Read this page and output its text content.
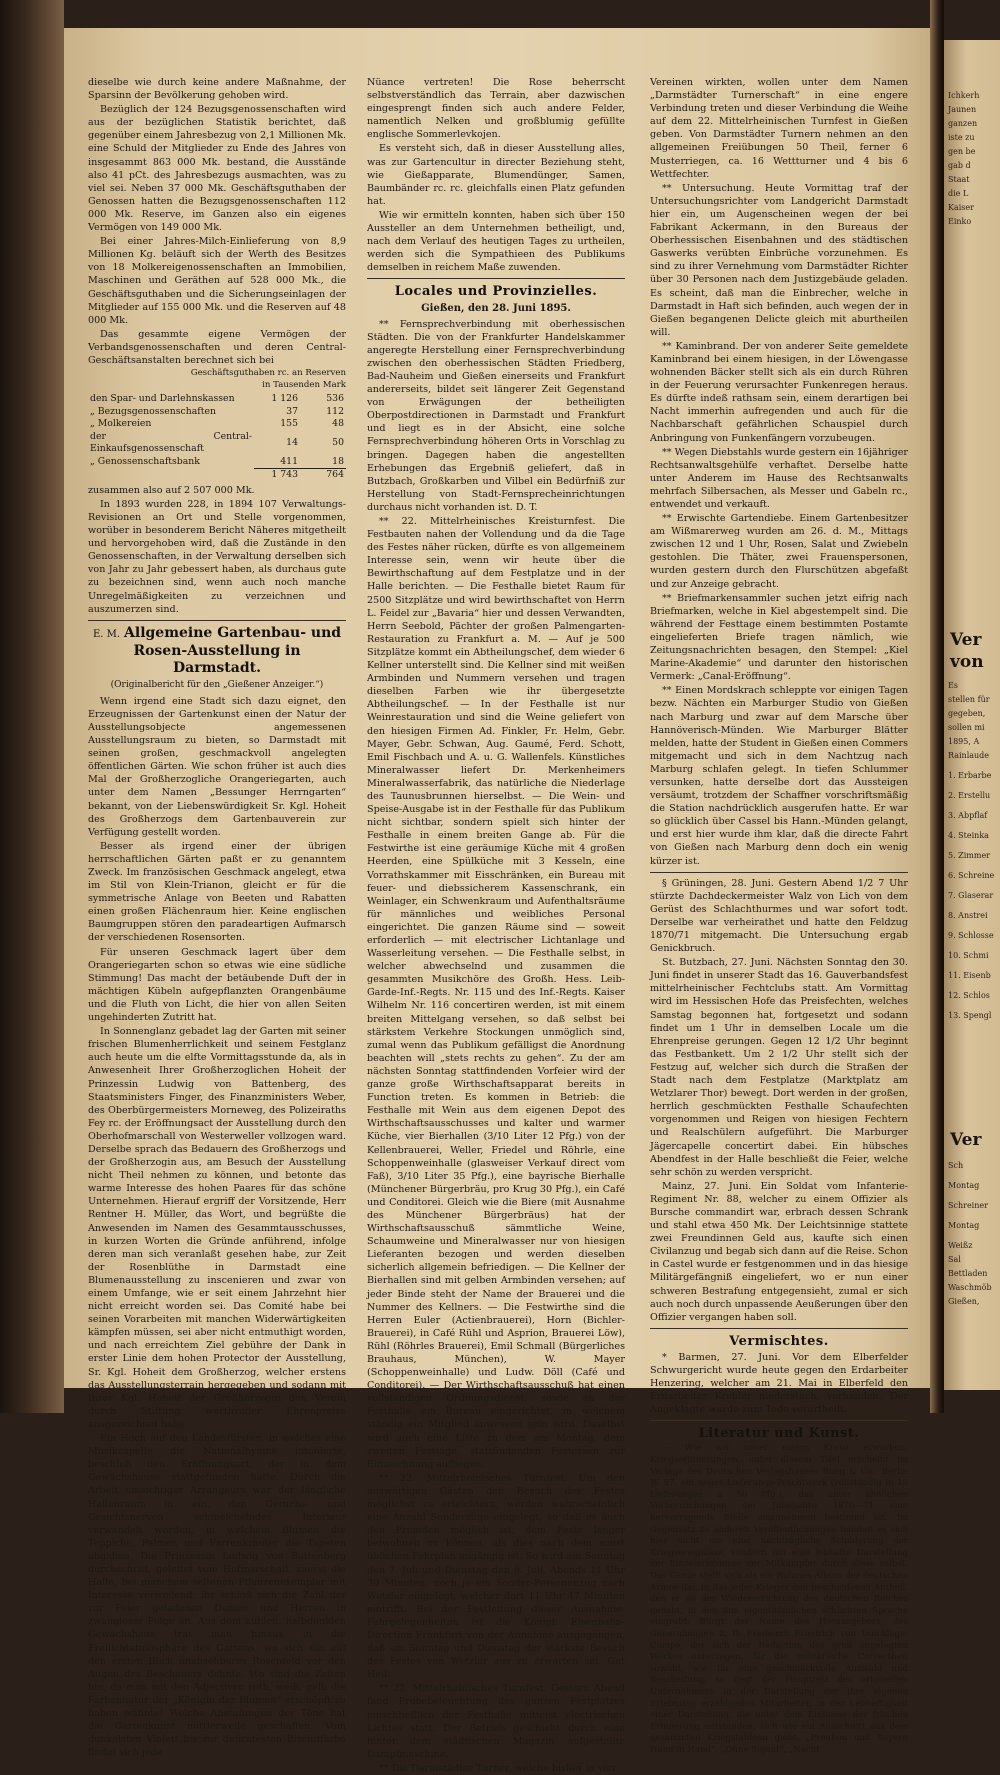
dieselbe wie durch keine andere Maßnahme, der Sparsinn der Bevölkerung gehoben wird.

Bezüglich der 124 Bezugsgenossenschaften wird aus der bezüglichen Statistik berichtet, daß gegenüber einem Jahresbezug von 2,1 Millionen Mk. eine Schuld der Mitglieder zu Ende des Jahres von insgesammt 863 000 Mk. bestand, die Ausstände also 41 pCt. des Jahresbezugs ausmachten, was zu viel sei. Neben 37 000 Mk. Geschäftsguthaben der Genossen hatten die Bezugsgenossenschaften 112 000 Mk. Reserve, im Ganzen also ein eigenes Vermögen von 149 000 Mk.

Bei einer Jahres-Milch-Einlieferung von 8,9 Millionen Kg. beläuft sich der Werth des Besitzes von 18 Molkereigenossenschaften an Immobilien, Maschinen und Geräthen auf 528 000 Mk., die Geschäftsguthaben und die Sicherungseinlagen der Mitglieder auf 155 000 Mk. und die Reserven auf 48 000 Mk.

Das gesammte eigene Vermögen der Verbandsgenossenschaften und deren Central-Geschäftsanstalten berechnet sich bei

Geschäftsguthaben rc. an Reserven
in Tausenden Mark
den Spar- und Darlehnskassen	1 126	536
„ Bezugsgenossenschaften	37	112
„ Molkereien	155	48
der Central-Einkaufsgenossenschaft	14	50
„ Genossenschaftsbank	411	18
	1 743	764

zusammen also auf 2 507 000 Mk.

In 1893 wurden 228, in 1894 107 Verwaltungs-Revisionen an Ort und Stelle vorgenommen, worüber in besonderem Bericht Näheres mitgetheilt und hervorgehoben wird, daß die Zustände in den Genossenschaften, in der Verwaltung derselben sich von Jahr zu Jahr gebessert haben, als durchaus gute zu bezeichnen sind, wenn auch noch manche Unregelmäßigkeiten zu verzeichnen und auszumerzen sind.

E. M. Allgemeine Gartenbau- und Rosen-Ausstellung in Darmstadt.
(Originalbericht für den „Gießener Anzeiger.“)

Wenn irgend eine Stadt sich dazu eignet, den Erzeugnissen der Gartenkunst einen der Natur der Ausstellungsobjecte angemessenen Ausstellungsraum zu bieten, so Darmstadt mit seinen großen, geschmackvoll angelegten öffentlichen Gärten. Wie schon früher ist auch dies Mal der Großherzogliche Orangeriegarten, auch unter dem Namen „Bessunger Herrngarten“ bekannt, von der Liebenswürdigkeit Sr. Kgl. Hoheit des Großherzogs dem Gartenbauverein zur Verfügung gestellt worden.

Besser als irgend einer der übrigen herrschaftlichen Gärten paßt er zu genanntem Zweck. Im französischen Geschmack angelegt, etwa im Stil von Klein-Trianon, gleicht er für die symmetrische Anlage von Beeten und Rabatten einen großen Flächenraum hier. Keine englischen Baumgruppen stören den paradeartigen Aufmarsch der verschiedenen Rosensorten.

Für unseren Geschmack lagert über dem Orangeriegarten schon so etwas wie eine südliche Stimmung! Das macht der betäubende Duft der in mächtigen Kübeln aufgepflanzten Orangenbäume und die Fluth von Licht, die hier von allen Seiten ungehinderten Zutritt hat.

In Sonnenglanz gebadet lag der Garten mit seiner frischen Blumenherrlichkeit und seinem Festglanz auch heute um die elfte Vormittagsstunde da, als in Anwesenheit Ihrer Großherzoglichen Hoheit der Prinzessin Ludwig von Battenberg, des Staatsministers Finger, des Finanzministers Weber, des Oberbürgermeisters Morneweg, des Polizeiraths Fey rc. der Eröffnungsact der Ausstellung durch den Oberhofmarschall von Westerweller vollzogen ward. Derselbe sprach das Bedauern des Großherzogs und der Großherzogin aus, am Besuch der Ausstellung nicht Theil nehmen zu können, und betonte das warme Interesse des hohen Paares für das schöne Unternehmen. Hierauf ergriff der Vorsitzende, Herr Rentner H. Müller, das Wort, und begrüßte die Anwesenden im Namen des Gesammtausschusses, in kurzen Worten die Gründe anführend, infolge deren man sich veranlaßt gesehen habe, zur Zeit der Rosenblüthe in Darmstadt eine Blumenausstellung zu inscenieren und zwar von einem Umfange, wie er seit einem Jahrzehnt hier nicht erreicht worden sei. Das Comité habe bei seinen Vorarbeiten mit manchen Widerwärtigkeiten kämpfen müssen, sei aber nicht entmuthigt worden, und nach erreichtem Ziel gebühre der Dank in erster Linie dem hohen Protector der Ausstellung, Sr. Kgl. Hoheit dem Großherzog, welcher erstens das Ausstellungsterrain hergegeben und sodann mit Ihrer Kgl. Hoheit der Großherzogin den Verein durch Stiftung werthvoller Ehrenpreise ausgezeichnet habe.

Ein Hoch auf den Landesfürsten, in welches eine Musikcapelle die Nationalhymne intonierte, beschloß den Eröffnungsact, der in dem Gewächshause stattgefunden hatte. Durch die Arbeit umsichtiger Arrangeurs war der längliche Hallenraum in ein, den Geruchs- und Gesichtsnerven schmeichelndes Interieur verwandelt worden, in welchem Blumen die Teppiche, Palmen und Farrenkräuter die Tapeten abgaben. Die Prinzessin Ludwig von Battenberg durchschritt, geleitet vom Hofmarschall, zuerst die Halle, bei manchem seltenen Pflanzenexemplar mit Interesse verweilend; ihr schloß sich die Zahl der zur Feier geladenen Damen und Herren in zwangloser Folge an. Aus dem kühlen, halbdunklen Gewächshaus trat man hinaus in die Freilichtatmosphäre des Gartens, wo sich ein auf den ersten Blick unabsehbares Rosenfeld vor den Augen des Beschauers dehnte. Wo sind die Zeiten hin, da man mit den Adjectiven roth, weiß, gelb die Farbennatur der „Königin der Blumen“ erschöpft zu haben wähnte! Welche Abstufungen der Töne hat die Gartenkunst mittlerweile geschaffen. Vom dunkelsten Violett bis zur delicatesten Biscuitfarbe findet sich jede

Nüance vertreten! Die Rose beherrscht selbstverständlich das Terrain, aber dazwischen eingesprengt finden sich auch andere Felder, namentlich Nelken und großblumig gefüllte englische Sommerlevkojen.

Es versteht sich, daß in dieser Ausstellung alles, was zur Gartencultur in directer Beziehung steht, wie Gießapparate, Blumendünger, Samen, Baumbänder rc. rc. gleichfalls einen Platz gefunden hat.

Wie wir ermitteln konnten, haben sich über 150 Aussteller an dem Unternehmen betheiligt, und, nach dem Verlauf des heutigen Tages zu urtheilen, werden sich die Sympathieen des Publikums demselben in reichem Maße zuwenden.

Locales und Provinzielles.
Gießen, den 28. Juni 1895.

** Fernsprechverbindung mit oberhessischen Städten. Die von der Frankfurter Handelskammer angeregte Herstellung einer Fernsprechverbindung zwischen den oberhessischen Städten Friedberg, Bad-Nauheim und Gießen einerseits und Frankfurt andererseits, bildet seit längerer Zeit Gegenstand von Erwägungen der betheiligten Oberpostdirectionen in Darmstadt und Frankfurt und liegt es in der Absicht, eine solche Fernsprechverbindung höheren Orts in Vorschlag zu bringen. Dagegen haben die angestellten Erhebungen das Ergebniß geliefert, daß in Butzbach, Großkarben und Vilbel ein Bedürfniß zur Herstellung von Stadt-Fernsprecheinrichtungen durchaus nicht vorhanden ist. D. T.

** 22. Mittelrheinisches Kreisturnfest. Die Festbauten nahen der Vollendung und da die Tage des Festes näher rücken, dürfte es von allgemeinem Interesse sein, wenn wir heute über die Bewirthschaftung auf dem Festplatze und in der Halle berichten. — Die Festhalle bietet Raum für 2500 Sitzplätze und wird bewirthschaftet von Herrn L. Feidel zur „Bavaria“ hier und dessen Verwandten, Herrn Seebold, Pächter der großen Palmengarten-Restauration zu Frankfurt a. M. — Auf je 500 Sitzplätze kommt ein Abtheilungschef, dem wieder 6 Kellner unterstellt sind. Die Kellner sind mit weißen Armbinden und Nummern versehen und tragen dieselben Farben wie ihr übergesetzte Abtheilungschef. — In der Festhalle ist nur Weinrestauration und sind die Weine geliefert von den hiesigen Firmen Ad. Finkler, Fr. Helm, Gebr. Mayer, Gebr. Schwan, Aug. Gaumé, Ferd. Schott, Emil Fischbach und A. u. G. Wallenfels. Künstliches Mineralwasser liefert Dr. Merkenheimers Mineralwasserfabrik, das natürliche die Niederlage des Taunusbrunnen hierselbst. — Die Wein- und Speise-Ausgabe ist in der Festhalle für das Publikum nicht sichtbar, sondern spielt sich hinter der Festhalle in einem breiten Gange ab. Für die Festwirthe ist eine geräumige Küche mit 4 großen Heerden, eine Spülküche mit 3 Kesseln, eine Vorrathskammer mit Eisschränken, ein Bureau mit feuer- und diebssicherem Kassenschrank, ein Weinlager, ein Schwenkraum und Aufenthaltsräume für männliches und weibliches Personal eingerichtet. Die ganzen Räume sind — soweit erforderlich — mit electrischer Lichtanlage und Wasserleitung versehen. — Die Festhalle selbst, in welcher abwechselnd und zusammen die gesammten Musikchöre des Großh. Hess. Leib-Garde-Inf.-Regts. Nr. 115 und des Inf.-Regts. Kaiser Wilhelm Nr. 116 concertiren werden, ist mit einem breiten Mittelgang versehen, so daß selbst bei stärkstem Verkehre Stockungen unmöglich sind, zumal wenn das Publikum gefälligst die Anordnung beachten will „stets rechts zu gehen“. Zu der am nächsten Sonntag stattfindenden Vorfeier wird der ganze große Wirthschaftsapparat bereits in Function treten. Es kommen in Betrieb: die Festhalle mit Wein aus dem eigenen Depot des Wirthschaftsausschusses und kalter und warmer Küche, vier Bierhallen (3/10 Liter 12 Pfg.) von der Kellenbrauerei, Weller, Friedel und Röhrle, eine Schoppenweinhalle (glasweiser Verkauf direct vom Faß), 3/10 Liter 35 Pfg.), eine bayrische Bierhalle (Münchener Bürgerbräu, pro Krug 30 Pfg.), ein Café und Conditorei. Gleich wie die Biere (mit Ausnahme des Münchener Bürgerbräus) hat der Wirthschaftsausschuß sämmtliche Weine, Schaumweine und Mineralwasser nur von hiesigen Lieferanten bezogen und werden dieselben sicherlich allgemein befriedigen. — Die Kellner der Bierhallen sind mit gelben Armbinden versehen; auf jeder Binde steht der Name der Brauerei und die Nummer des Kellners. — Die Festwirthe sind die Herren Euler (Actienbrauerei), Horn (Bichler-Brauerei), in Café Rühl und Asprion, Brauerei Löw), Rühl (Röhrles Brauerei), Emil Schmall (Bürgerliches Brauhaus, München), W. Mayer (Schoppenweinhalle) und Ludw. Döll (Café und Conditorei). — Der Wirthschaftsausschuß hat einen vollständigen Ordnungsdienst, sowie an der Festhalle ein Bureau eingerichtet, in welchem ständig ein Mitglied anwesend sein wird. Daselbst wird auch eine Liste zu dem am Montag, dem zweiten Festtage, stattfindenden Festessen zur Einzeichnung aufliegen.

** 22. Mittelrheinisches Turnfest. Um den auswärtigen Gästen den Besuch des Festes möglichst zu erleichtern, werden wahrscheinlich eine Anzahl Sonderzüge eingelegt, so daß es auch den Fremden möglich ist, dem Feste länger beiwohnen zu können, als dies nach dem sonst üblichen Fahrplan angängig ist. So wird am Sonntag den 7. Juli und Dienstag den 9. Juli, Abends 11 Uhr 30 Minuten, noch je ein Sonder-Personenzug nach Wetzlar eingelegt, welcher dort 11 Uhr 47 Minuten eintrifft. Bei der Festleitung dieser Ausnahme-Fahrgelegenheiten ist die Königl. Eisenbahn-Direction Frankfurt von der Annahme ausgegangen, daß am Sonntag und Dienstag der stärkste Besuch des Festes von Wetzlar aus zu erwarten sei. Gut Heil!

** 22. Mittelrheinisches Turnfest. Gestern Abend fand Probebeleuchtung des ganzen Festplatzes einschließlich der Festhalle mittelst electrischen Lichtes statt. Der Betrieb geschieht durch eine hinter dem städtischen Magazin aufgestellte Dampfmaschine.

** Die Darmstädter Turner, welche bisher in vier

Vereinen wirkten, wollen unter dem Namen „Darmstädter Turnerschaft“ in eine engere Verbindung treten und dieser Verbindung die Weihe auf dem 22. Mittelrheinischen Turnfest in Gießen geben. Von Darmstädter Turnern nehmen an den allgemeinen Freiübungen 50 Theil, ferner 6 Musterriegen, ca. 16 Wettturner und 4 bis 6 Wettfechter.

** Untersuchung. Heute Vormittag traf der Untersuchungsrichter vom Landgericht Darmstadt hier ein, um Augenscheinen wegen der bei Fabrikant Ackermann, in den Bureaus der Oberhessischen Eisenbahnen und des städtischen Gaswerks verübten Einbrüche vorzunehmen. Es sind zu ihrer Vernehmung vom Darmstädter Richter über 30 Personen nach dem Justizgebäude geladen. Es scheint, daß man die Einbrecher, welche in Darmstadt in Haft sich befinden, auch wegen der in Gießen begangenen Delicte gleich mit aburtheilen will.

** Kaminbrand. Der von anderer Seite gemeldete Kaminbrand bei einem hiesigen, in der Löwengasse wohnenden Bäcker stellt sich als ein durch Rühren in der Feuerung verursachter Funkenregen heraus. Es dürfte indeß rathsam sein, einem derartigen bei Nacht immerhin aufregenden und auch für die Nachbarschaft gefährlichen Schauspiel durch Anbringung von Funkenfängern vorzubeugen.

** Wegen Diebstahls wurde gestern ein 16jähriger Rechtsanwaltsgehülfe verhaftet. Derselbe hatte unter Anderem im Hause des Rechtsanwalts mehrfach Silbersachen, als Messer und Gabeln rc., entwendet und verkauft.

** Erwischte Gartendiebe. Einem Gartenbesitzer am Wißmarerweg wurden am 26. d. M., Mittags zwischen 12 und 1 Uhr, Rosen, Salat und Zwiebeln gestohlen. Die Thäter, zwei Frauenspersonen, wurden gestern durch den Flurschützen abgefaßt und zur Anzeige gebracht.

** Briefmarkensammler suchen jetzt eifrig nach Briefmarken, welche in Kiel abgestempelt sind. Die während der Festtage einem bestimmten Postamte eingelieferten Briefe tragen nämlich, wie Zeitungsnachrichten besagen, den Stempel: „Kiel Marine-Akademie“ und darunter den historischen Vermerk: „Canal-Eröffnung“.

** Einen Mordskrach schleppte vor einigen Tagen bezw. Nächten ein Marburger Studio von Gießen nach Marburg und zwar auf dem Marsche über Hannöverisch-Münden. Wie Marburger Blätter melden, hatte der Student in Gießen einen Commers mitgemacht und sich in dem Nachtzug nach Marburg schlafen gelegt. In tiefen Schlummer versunken, hatte derselbe dort das Aussteigen versäumt, trotzdem der Schaffner vorschriftsmäßig die Station nachdrücklich ausgerufen hatte. Er war so glücklich über Cassel bis Hann.-Münden gelangt, und erst hier wurde ihm klar, daß die directe Fahrt von Gießen nach Marburg denn doch ein wenig kürzer ist.

§ Grüningen, 28. Juni. Gestern Abend 1/2 7 Uhr stürzte Dachdeckermeister Walz von Lich von dem Gerüst des Schlachthurmes und war sofort todt. Derselbe war verheirathet und hatte den Feldzug 1870/71 mitgemacht. Die Untersuchung ergab Genickbruch.

St. Butzbach, 27. Juni. Nächsten Sonntag den 30. Juni findet in unserer Stadt das 16. Gauverbandsfest mittelrheinischer Fechtclubs statt. Am Vormittag wird im Hessischen Hofe das Preisfechten, welches Samstag begonnen hat, fortgesetzt und sodann findet um 1 Uhr in demselben Locale um die Ehrenpreise gerungen. Gegen 12 1/2 Uhr beginnt das Festbankett. Um 2 1/2 Uhr stellt sich der Festzug auf, welcher sich durch die Straßen der Stadt nach dem Festplatze (Marktplatz am Wetzlarer Thor) bewegt. Dort werden in der großen, herrlich geschmückten Festhalle Schaufechten vorgenommen und Reigen von hiesigen Fechtern und Realschülern aufgeführt. Die Marburger Jägercapelle concertirt dabei. Ein hübsches Abendfest in der Halle beschließt die Feier, welche sehr schön zu werden verspricht.

Mainz, 27. Juni. Ein Soldat vom Infanterie-Regiment Nr. 88, welcher zu einem Offizier als Bursche commandirt war, erbrach dessen Schrank und stahl etwa 450 Mk. Der Leichtsinnige stattete zwei Freundinnen Geld aus, kaufte sich einen Civilanzug und begab sich dann auf die Reise. Schon in Castel wurde er festgenommen und in das hiesige Militärgefängniß eingeliefert, wo er nun einer schweren Bestrafung entgegensieht, zumal er sich auch noch durch unpassende Aeußerungen über den Offizier vergangen haben soll.

Vermischtes.

* Barmen, 27. Juni. Vor dem Elberfelder Schwurgericht wurde heute gegen den Erdarbeiter Henzering, welcher am 21. Mai in Elberfeld den Erdarbeiter Krebler niederstach, verhandelt. Der Angeklagte wurde zum Tode verurtheilt.

Literatur und Kunst.

— Wie wir unser eisern Kreuz erwarben, Kriegserinnerungen, unter diesem Titel erscheint im Verlage des Deutschen Verlagshauses Bong & Co., Berlin W. 57, ein neues Lieferungs-Prachtwerk (vollständig in 15 Lieferungen à 50 Pfg.), das unter ähnlichen Verherrlichungen der Jubeljahre 1870—71 eine hervorragende Stelle einzunehmen bestimmt ist. Im Gegensatz zu anderen Veröffentlichungen handelt es sich hier nicht um eine nachträgliche Schilderung der Kriegsereignisse, sondern um eine lebhafte Darstellung der Einzelerlebnisse der Mitkämpfer durch diese selbst. Das Ganze stellt sich als ein Ruhmes-Album der deutschen Armee dar, in das jeder Krieger den bescheidenen Antheil, den er an der Wiedererrichtung des deutschen Reiches gehabt, in den ihm eigenthümlichen schlichten Sprache eingrabt. Bürgt der Name des Herausgebers, des Generalmajors z. D. Freiherrn Friedrich von Dincklage-Campe, der sich der Redaction des groß angelegten Werkes unterzogen, für die militärische Correctheit sowohl, wie für eine geschmackvolle Auswahl und Bearbeitung, so liegt der Hauptreiz des originellen Unternehmens in der Darstellung der ihre eigenen Erlebnisse erzählenden Mitarbeiter, in der Lebhaftigkeit einer Darstellung, die unter dem Einflusse der frischen Erinnerung entstanden, sich wie ein Ausschnitt aus dem gesammten Kriegstableau giebt. „Preußen und Bayern Hand in Hand“, „Ohne Signal“, „Nacht

Ichkerh
Jaunen
ganzen
iste zu
gen be
gab d
Staat
die L
Kaiser
Einko
Ver
von
Es
stellen für
gegeben,
sollen mi
1895, A
Rainlaude
1. Erbarbe
2. Erstellu
3. Abpflaf
4. Steinka
5. Zimmer
6. Schreine
7. Glaserar
8. Anstrei
9. Schlosse
10. Schmi
11. Eisenb
12. Schlos
13. Spengl
Ver
Sch
Montag
Schreiner
Montag
Weißz
Sal
Bettladen
Waschmöb
Gießen,
